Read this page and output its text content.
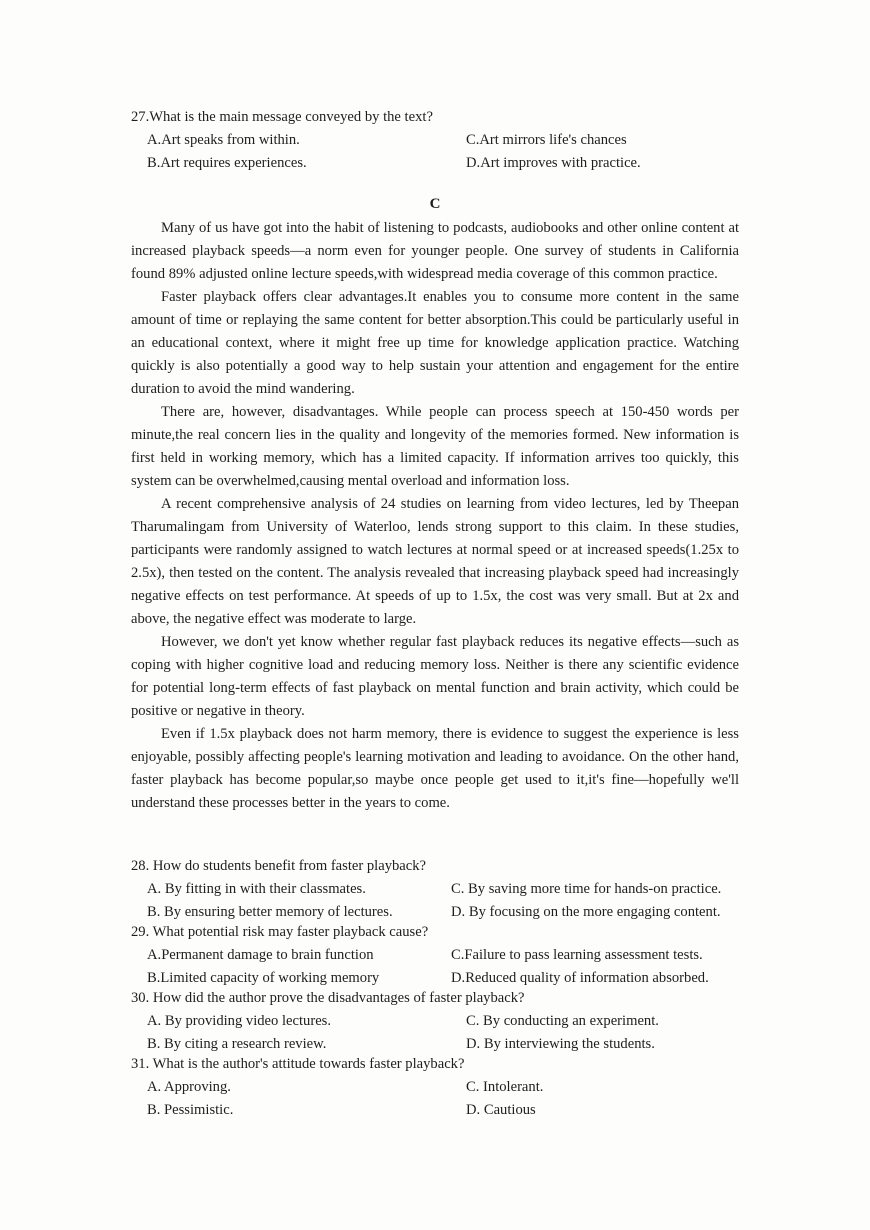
27.What is the main message conveyed by the text?
A.Art speaks from within.	C.Art mirrors life's chances
B.Art requires experiences.	D.Art improves with practice.
C

Many of us have got into the habit of listening to podcasts, audiobooks and other online content at increased playback speeds—a norm even for younger people. One survey of students in California found 89% adjusted online lecture speeds,with widespread media coverage of this common practice.

Faster playback offers clear advantages.It enables you to consume more content in the same amount of time or replaying the same content for better absorption.This could be particularly useful in an educational context, where it might free up time for knowledge application practice. Watching quickly is also potentially a good way to help sustain your attention and engagement for the entire duration to avoid the mind wandering.

There are, however, disadvantages. While people can process speech at 150-450 words per minute,the real concern lies in the quality and longevity of the memories formed. New information is first held in working memory, which has a limited capacity. If information arrives too quickly, this system can be overwhelmed,causing mental overload and information loss.

A recent comprehensive analysis of 24 studies on learning from video lectures, led by Theepan Tharumalingam from University of Waterloo, lends strong support to this claim. In these studies, participants were randomly assigned to watch lectures at normal speed or at increased speeds(1.25x to 2.5x), then tested on the content. The analysis revealed that increasing playback speed had increasingly negative effects on test performance. At speeds of up to 1.5x, the cost was very small. But at 2x and above, the negative effect was moderate to large.

However, we don't yet know whether regular fast playback reduces its negative effects—such as coping with higher cognitive load and reducing memory loss. Neither is there any scientific evidence for potential long-term effects of fast playback on mental function and brain activity, which could be positive or negative in theory.

Even if 1.5x playback does not harm memory, there is evidence to suggest the experience is less enjoyable, possibly affecting people's learning motivation and leading to avoidance. On the other hand, faster playback has become popular,so maybe once people get used to it,it's fine—hopefully we'll understand these processes better in the years to come.

28. How do students benefit from faster playback?
A. By fitting in with their classmates.	C. By saving more time for hands-on practice.
B. By ensuring better memory of lectures.	D. By focusing on the more engaging content.
29. What potential risk may faster playback cause?
A.Permanent damage to brain function	C.Failure to pass learning assessment tests.
B.Limited capacity of working memory	D.Reduced quality of information absorbed.
30. How did the author prove the disadvantages of faster playback?
A. By providing video lectures.	C. By conducting an experiment.
B. By citing a research review.	D. By interviewing the students.
31. What is the author's attitude towards faster playback?
A. Approving.	C. Intolerant.
B. Pessimistic.	D. Cautious
